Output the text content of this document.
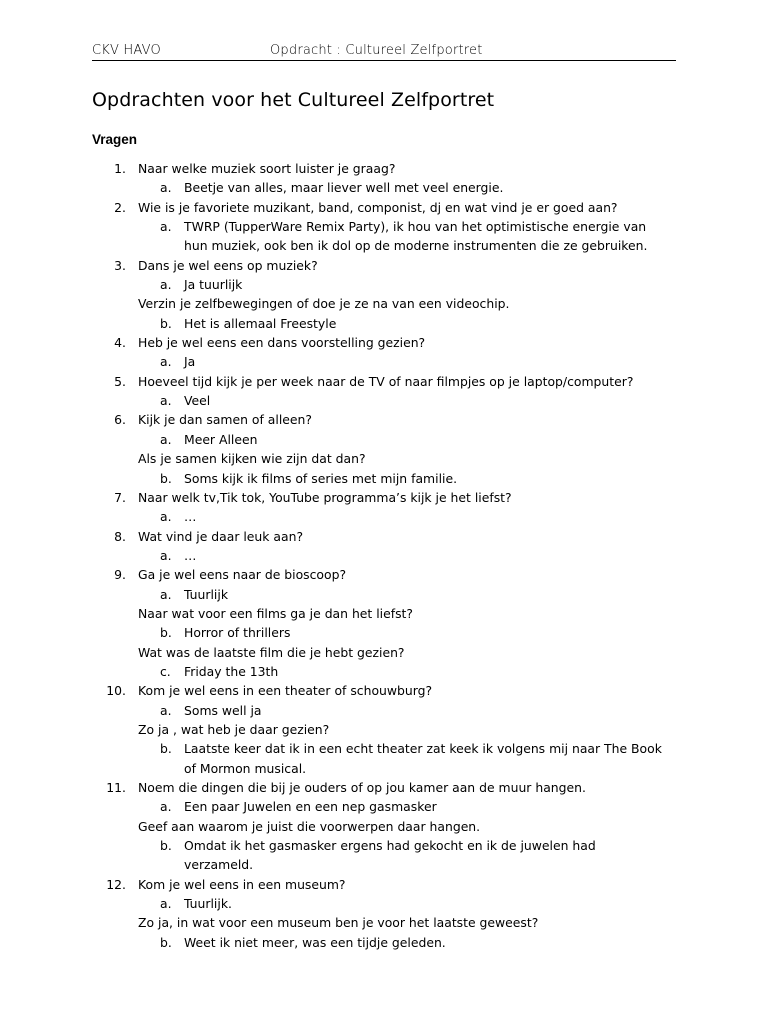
CKV HAVO	Opdracht : Cultureel Zelfportret
Opdrachten voor het Cultureel Zelfportret
Vragen
1. Naar welke muziek soort luister je graag?
a. Beetje van alles, maar liever well met veel energie.
2. Wie is je favoriete muzikant, band, componist, dj en wat vind je er goed aan?
a. TWRP (TupperWare Remix Party), ik hou van het optimistische energie van hun muziek, ook ben ik dol op de moderne instrumenten die ze gebruiken.
3. Dans je wel eens op muziek?
a. Ja tuurlijk
Verzin je zelfbewegingen of doe je ze na van een videochip.
b. Het is allemaal Freestyle
4. Heb je wel eens een dans voorstelling gezien?
a. Ja
5. Hoeveel tijd kijk je per week naar de TV of naar filmpjes op je laptop/computer?
a. Veel
6. Kijk je dan samen of alleen?
a. Meer Alleen
Als je samen kijken wie zijn dat dan?
b. Soms kijk ik films of series met mijn familie.
7. Naar welk tv,Tik tok, YouTube programma’s kijk je het liefst?
a. …
8. Wat vind je daar leuk aan?
a. …
9. Ga je wel eens naar de bioscoop?
a. Tuurlijk
Naar wat voor een films ga je dan het liefst?
b. Horror of thrillers
Wat was de laatste film die je hebt gezien?
c. Friday the 13th
10. Kom je wel eens in een theater of schouwburg?
a. Soms well ja
Zo ja , wat heb je daar gezien?
b. Laatste keer dat ik in een echt theater zat keek ik volgens mij naar The Book of Mormon musical.
11. Noem die dingen die bij je ouders of op jou kamer aan de muur hangen.
a. Een paar Juwelen en een nep gasmasker
Geef aan waarom je juist die voorwerpen daar hangen.
b. Omdat ik het gasmasker ergens had gekocht en ik de juwelen had verzameld.
12. Kom je wel eens in een museum?
a. Tuurlijk.
Zo ja, in wat voor een museum ben je voor het laatste geweest?
b. Weet ik niet meer, was een tijdje geleden.
